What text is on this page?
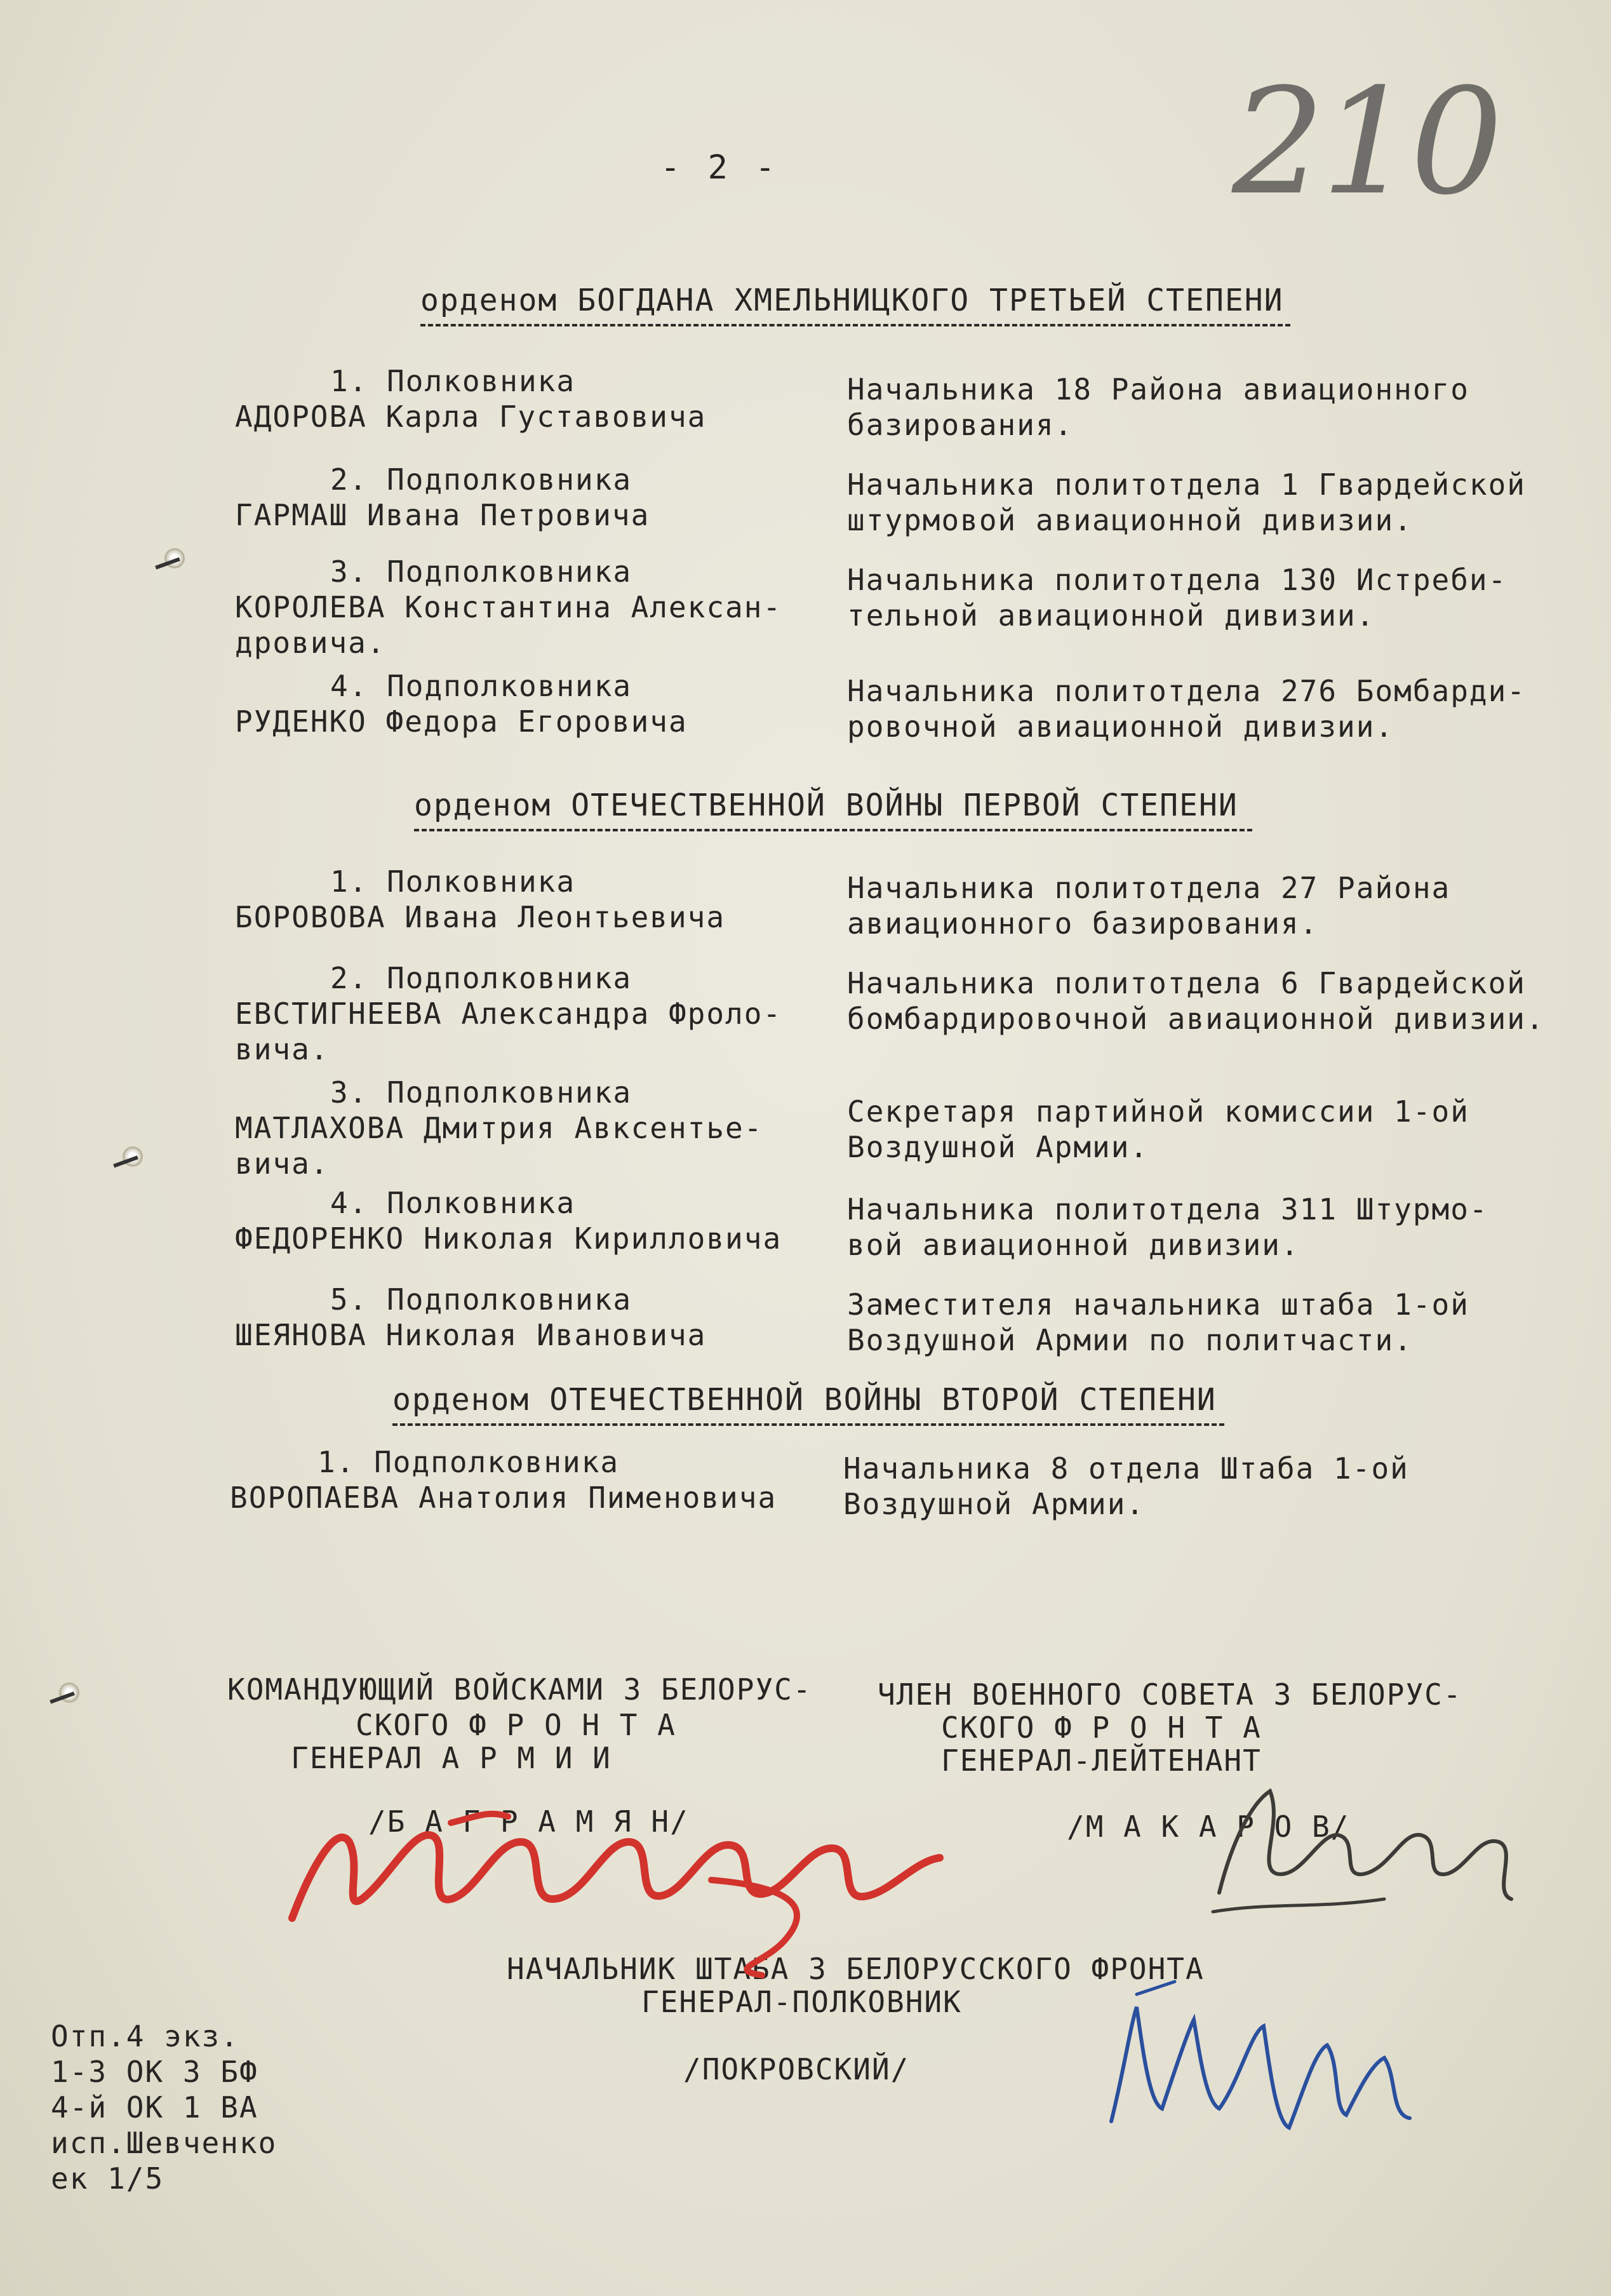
- 2 -	210
орденом БОГДАНА ХМЕЛЬНИЦКОГО ТРЕТЬЕЙ СТЕПЕНИ
1. Полковника
АДОРОВА Карла Густавовича
Начальника 18 Района авиационного
базирования.
2. Подполковника
ГАРМАШ Ивана Петровича
Начальника политотдела 1 Гвардейской
штурмовой авиационной дивизии.
3. Подполковника
КОРОЛЕВА Константина Алексан-
дровича.
Начальника политотдела 130 Истреби-
тельной авиационной дивизии.
4. Подполковника
РУДЕНКО Федора Егоровича
Начальника политотдела 276 Бомбарди-
ровочной авиационной дивизии.
орденом ОТЕЧЕСТВЕННОЙ ВОЙНЫ ПЕРВОЙ СТЕПЕНИ
1. Полковника
БОРОВОВА Ивана Леонтьевича
Начальника политотдела 27 Района
авиационного базирования.
2. Подполковника
ЕВСТИГНЕЕВА Александра Фроло-
вича.
Начальника политотдела 6 Гвардейской
бомбардировочной авиационной дивизии.
3. Подполковника
МАТЛАХОВА Дмитрия Авксентье-
вича.
Секретаря партийной комиссии 1-ой
Воздушной Армии.
4. Полковника
ФЕДОРЕНКО Николая Кирилловича
Начальника политотдела 311 Штурмо-
вой авиационной дивизии.
5. Подполковника
ШЕЯНОВА Николая Ивановича
Заместителя начальника штаба 1-ой
Воздушной Армии по политчасти.
орденом ОТЕЧЕСТВЕННОЙ ВОЙНЫ ВТОРОЙ СТЕПЕНИ
1. Подполковника
ВОРОПАЕВА Анатолия Пименовича
Начальника 8 отдела Штаба 1-ой
Воздушной Армии.
КОМАНДУЮЩИЙ ВОЙСКАМИ 3 БЕЛОРУС-
СКОГО Ф Р О Н Т А
ГЕНЕРАЛ А Р М И И
/Б А Г Р А М Я Н/
ЧЛЕН ВОЕННОГО СОВЕТА 3 БЕЛОРУС-
СКОГО Ф Р О Н Т А
ГЕНЕРАЛ-ЛЕЙТЕНАНТ
/М А К А Р О В/
НАЧАЛЬНИК ШТАБА 3 БЕЛОРУССКОГО ФРОНТА
ГЕНЕРАЛ-ПОЛКОВНИК
/ПОКРОВСКИЙ/
Отп.4 экз.
1-3 ОК 3 БФ
4-й ОК 1 ВА
исп.Шевченко
ек 1/5
